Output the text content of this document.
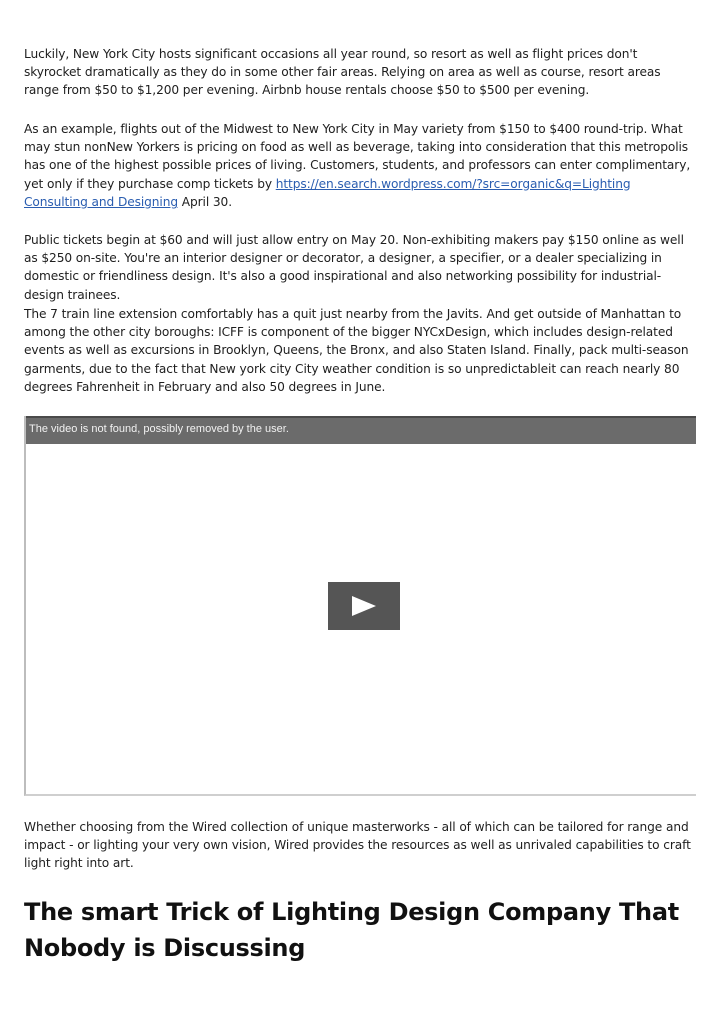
Luckily, New York City hosts significant occasions all year round, so resort as well as flight prices don't skyrocket dramatically as they do in some other fair areas. Relying on area as well as course, resort areas range from $50 to $1,200 per evening. Airbnb house rentals choose $50 to $500 per evening.

As an example, flights out of the Midwest to New York City in May variety from $150 to $400 round-trip. What may stun nonNew Yorkers is pricing on food as well as beverage, taking into consideration that this metropolis has one of the highest possible prices of living. Customers, students, and professors can enter complimentary, yet only if they purchase comp tickets by https://en.search.wordpress.com/?src=organic&q=Lighting Consulting and Designing April 30.

Public tickets begin at $60 and will just allow entry on May 20. Non-exhibiting makers pay $150 online as well as $250 on-site. You're an interior designer or decorator, a designer, a specifier, or a dealer specializing in domestic or friendliness design. It's also a good inspirational and also networking possibility for industrial-design trainees.

The 7 train line extension comfortably has a quit just nearby from the Javits. And get outside of Manhattan to among the other city boroughs: ICFF is component of the bigger NYCxDesign, which includes design-related events as well as excursions in Brooklyn, Queens, the Bronx, and also Staten Island. Finally, pack multi-season garments, due to the fact that New york city City weather condition is so unpredictableit can reach nearly 80 degrees Fahrenheit in February and also 50 degrees in June.

The video is not found, possibly removed by the user.

Whether choosing from the Wired collection of unique masterworks - all of which can be tailored for range and impact - or lighting your very own vision, Wired provides the resources as well as unrivaled capabilities to craft light right into art.

The smart Trick of Lighting Design Company That Nobody is Discussing
